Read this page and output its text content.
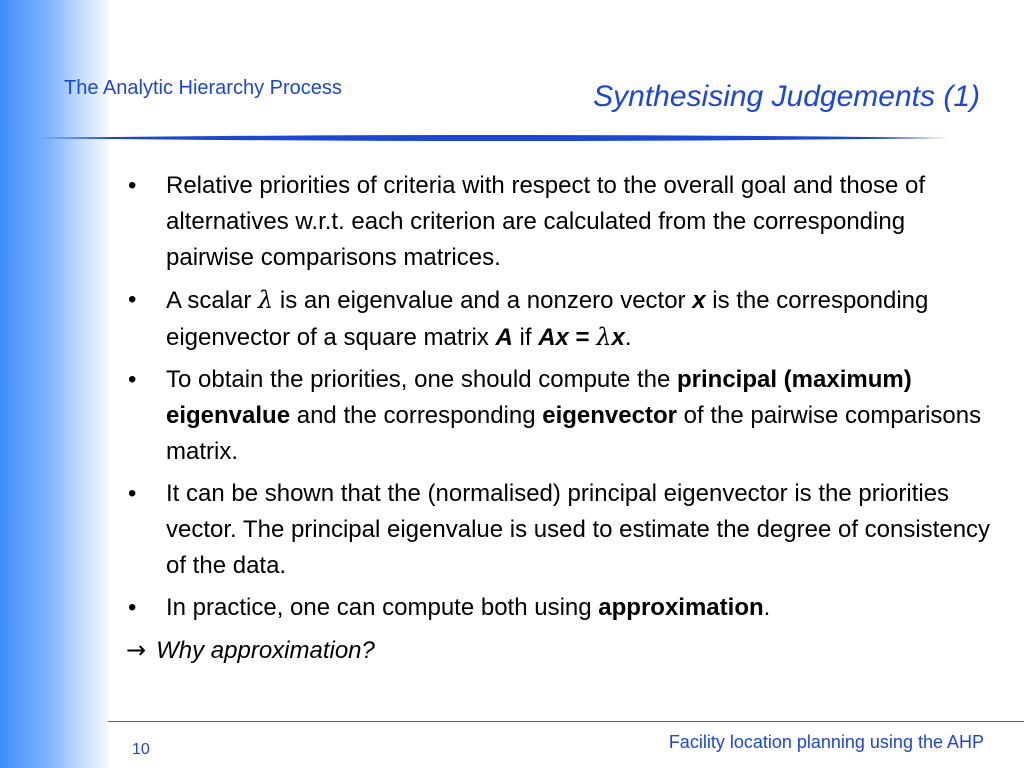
The Analytic Hierarchy Process	Synthesising Judgements (1)
• Relative priorities of criteria with respect to the overall goal and those of alternatives w.r.t. each criterion are calculated from the corresponding pairwise comparisons matrices.
• A scalar λ is an eigenvalue and a nonzero vector x is the corresponding eigenvector of a square matrix A if Ax = λx.
• To obtain the priorities, one should compute the principal (maximum) eigenvalue and the corresponding eigenvector of the pairwise comparisons matrix.
• It can be shown that the (normalised) principal eigenvector is the priorities vector. The principal eigenvalue is used to estimate the degree of consistency of the data.
• In practice, one can compute both using approximation.
→ Why approximation?
10	Facility location planning using the AHP
